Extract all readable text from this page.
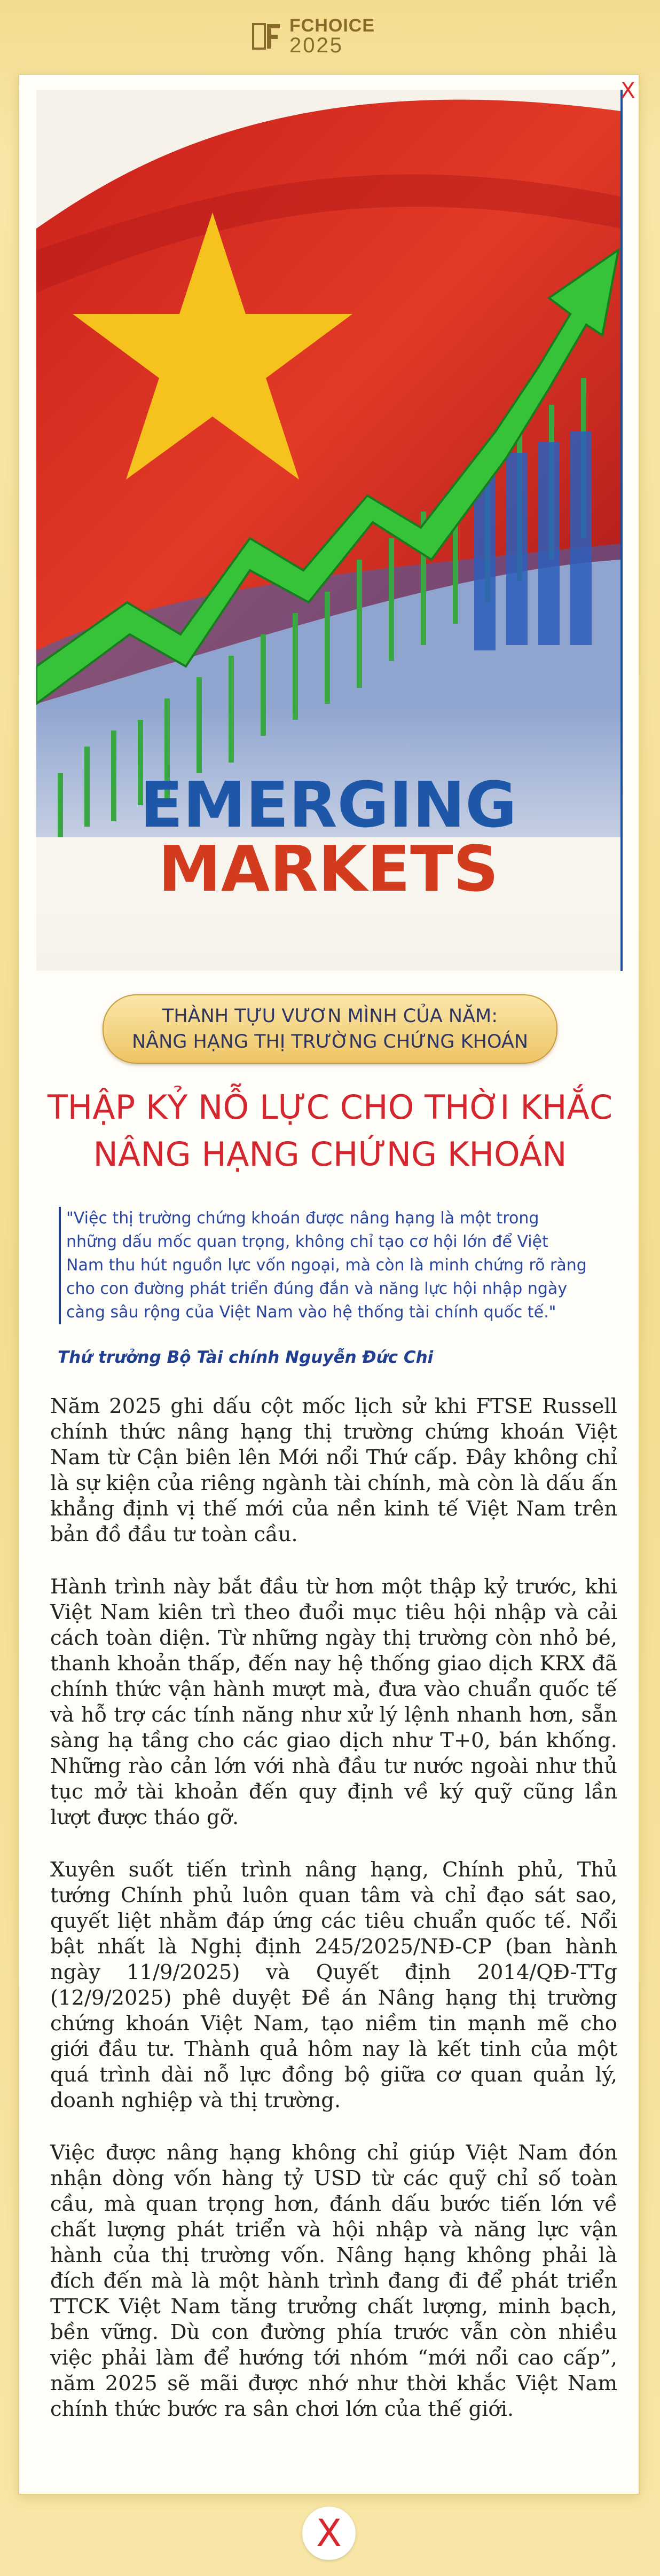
FCHOICE
2025
EMERGING
MARKETS
X
THÀNH TỰU VƯƠN MÌNH CỦA NĂM:
NÂNG HẠNG THỊ TRƯỜNG CHỨNG KHOÁN
THẬP KỶ NỖ LỰC CHO THỜI KHẮC
NÂNG HẠNG CHỨNG KHOÁN

"Việc thị trường chứng khoán được nâng hạng là một trong

những dấu mốc quan trọng, không chỉ tạo cơ hội lớn để Việt

Nam thu hút nguồn lực vốn ngoại, mà còn là minh chứng rõ ràng

cho con đường phát triển đúng đắn và năng lực hội nhập ngày

càng sâu rộng của Việt Nam vào hệ thống tài chính quốc tế."

Thứ trưởng Bộ Tài chính Nguyễn Đức Chi

Năm 2025 ghi dấu cột mốc lịch sử khi FTSE Russell chính thức nâng hạng thị trường chứng khoán Việt Nam từ Cận biên lên Mới nổi Thứ cấp. Đây không chỉ là sự kiện của riêng ngành tài chính, mà còn là dấu ấn khẳng định vị thế mới của nền kinh tế Việt Nam trên bản đồ đầu tư toàn cầu.

Hành trình này bắt đầu từ hơn một thập kỷ trước, khi Việt Nam kiên trì theo đuổi mục tiêu hội nhập và cải cách toàn diện. Từ những ngày thị trường còn nhỏ bé, thanh khoản thấp, đến nay hệ thống giao dịch KRX đã chính thức vận hành mượt mà, đưa vào chuẩn quốc tế và hỗ trợ các tính năng như xử lý lệnh nhanh hơn, sẵn sàng hạ tầng cho các giao dịch như T+0, bán khống. Những rào cản lớn với nhà đầu tư nước ngoài như thủ tục mở tài khoản đến quy định về ký quỹ cũng lần lượt được tháo gỡ.

Xuyên suốt tiến trình nâng hạng, Chính phủ, Thủ tướng Chính phủ luôn quan tâm và chỉ đạo sát sao, quyết liệt nhằm đáp ứng các tiêu chuẩn quốc tế. Nổi bật nhất là Nghị định 245/2025/NĐ-CP (ban hành ngày 11/9/2025) và Quyết định 2014/QĐ-TTg (12/9/2025) phê duyệt Đề án Nâng hạng thị trường chứng khoán Việt Nam, tạo niềm tin mạnh mẽ cho giới đầu tư. Thành quả hôm nay là kết tinh của một quá trình dài nỗ lực đồng bộ giữa cơ quan quản lý, doanh nghiệp và thị trường.

Việc được nâng hạng không chỉ giúp Việt Nam đón nhận dòng vốn hàng tỷ USD từ các quỹ chỉ số toàn cầu, mà quan trọng hơn, đánh dấu bước tiến lớn về chất lượng phát triển và hội nhập và năng lực vận hành của thị trường vốn. Nâng hạng không phải là đích đến mà là một hành trình đang đi để phát triển TTCK Việt Nam tăng trưởng chất lượng, minh bạch, bền vững. Dù con đường phía trước vẫn còn nhiều việc phải làm để hướng tới nhóm “mới nổi cao cấp”, năm 2025 sẽ mãi được nhớ như thời khắc Việt Nam chính thức bước ra sân chơi lớn của thế giới.

X
